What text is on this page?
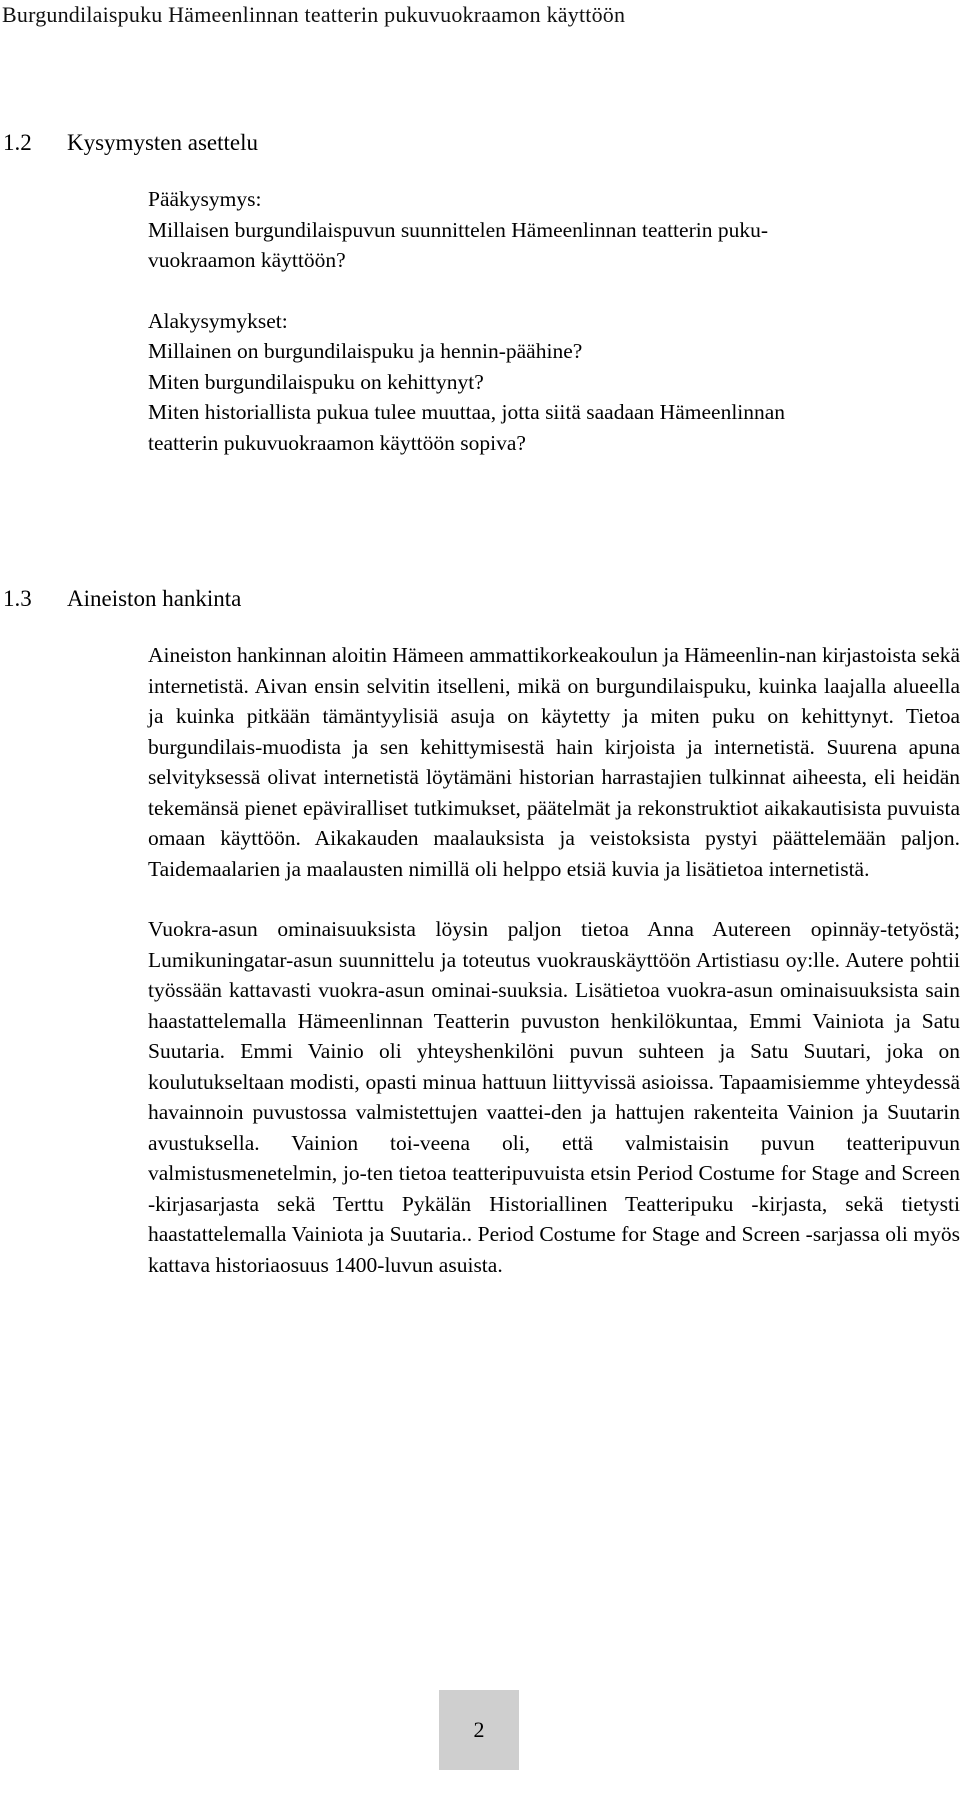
Burgundilaispuku Hämeenlinnan teatterin pukuvuokraamon käyttöön
1.2 Kysymysten asettelu

Pääkysymys:

Millaisen burgundilaispuvun suunnittelen Hämeenlinnan teatterin puku-

vuokraamon käyttöön?

Alakysymykset:

Millainen on burgundilaispuku ja hennin-päähine?

Miten burgundilaispuku on kehittynyt?

Miten historiallista pukua tulee muuttaa, jotta siitä saadaan Hämeenlinnan

teatterin pukuvuokraamon käyttöön sopiva?

1.3 Aineiston hankinta

Aineiston hankinnan aloitin Hämeen ammattikorkeakoulun ja Hämeenlin-nan kirjastoista sekä internetistä. Aivan ensin selvitin itselleni, mikä on burgundilaispuku, kuinka laajalla alueella ja kuinka pitkään tämäntyylisiä asuja on käytetty ja miten puku on kehittynyt. Tietoa burgundilais-muodista ja sen kehittymisestä hain kirjoista ja internetistä. Suurena apuna selvityksessä olivat internetistä löytämäni historian harrastajien tulkinnat aiheesta, eli heidän tekemänsä pienet epäviralliset tutkimukset, päätelmät ja rekonstruktiot aikakautisista puvuista omaan käyttöön. Aikakauden maalauksista ja veistoksista pystyi päättelemään paljon. Taidemaalarien ja maalausten nimillä oli helppo etsiä kuvia ja lisätietoa internetistä.

Vuokra-asun ominaisuuksista löysin paljon tietoa Anna Autereen opinnäy-tetyöstä; Lumikuningatar-asun suunnittelu ja toteutus vuokrauskäyttöön Artistiasu oy:lle. Autere pohtii työssään kattavasti vuokra-asun ominai-suuksia. Lisätietoa vuokra-asun ominaisuuksista sain haastattelemalla Hämeenlinnan Teatterin puvuston henkilökuntaa, Emmi Vainiota ja Satu Suutaria. Emmi Vainio oli yhteyshenkilöni puvun suhteen ja Satu Suutari, joka on koulutukseltaan modisti, opasti minua hattuun liittyvissä asioissa. Tapaamisiemme yhteydessä havainnoin puvustossa valmistettujen vaattei-den ja hattujen rakenteita Vainion ja Suutarin avustuksella. Vainion toi-veena oli, että valmistaisin puvun teatteripuvun valmistusmenetelmin, jo-ten tietoa teatteripuvuista etsin Period Costume for Stage and Screen -kirjasarjasta sekä Terttu Pykälän Historiallinen Teatteripuku -kirjasta, sekä tietysti haastattelemalla Vainiota ja Suutaria.. Period Costume for Stage and Screen -sarjassa oli myös kattava historiaosuus 1400-luvun asuista.

2
